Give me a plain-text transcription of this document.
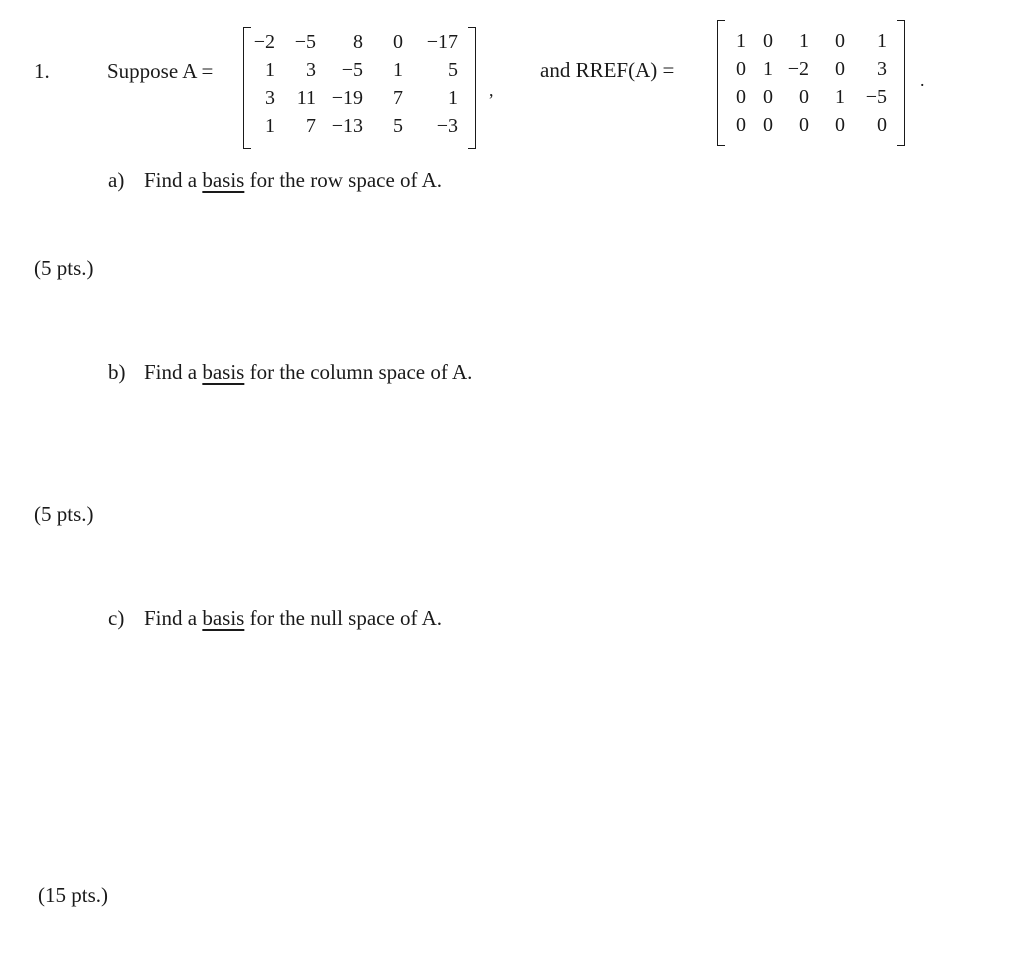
1.	Suppose A =
−2 −5 8 0 −17
1 3 −5 1 5
3 11 −19 7 1
1 7 −13 5 −3
,
and RREF(A) =
1 0 1 0 1
0 1 −2 0 3
0 0 0 1 −5
0 0 0 0 0
.
a) Find a basis for the row space of A.
(5 pts.)
b) Find a basis for the column space of A.
(5 pts.)
c) Find a basis for the null space of A.
(15 pts.)
